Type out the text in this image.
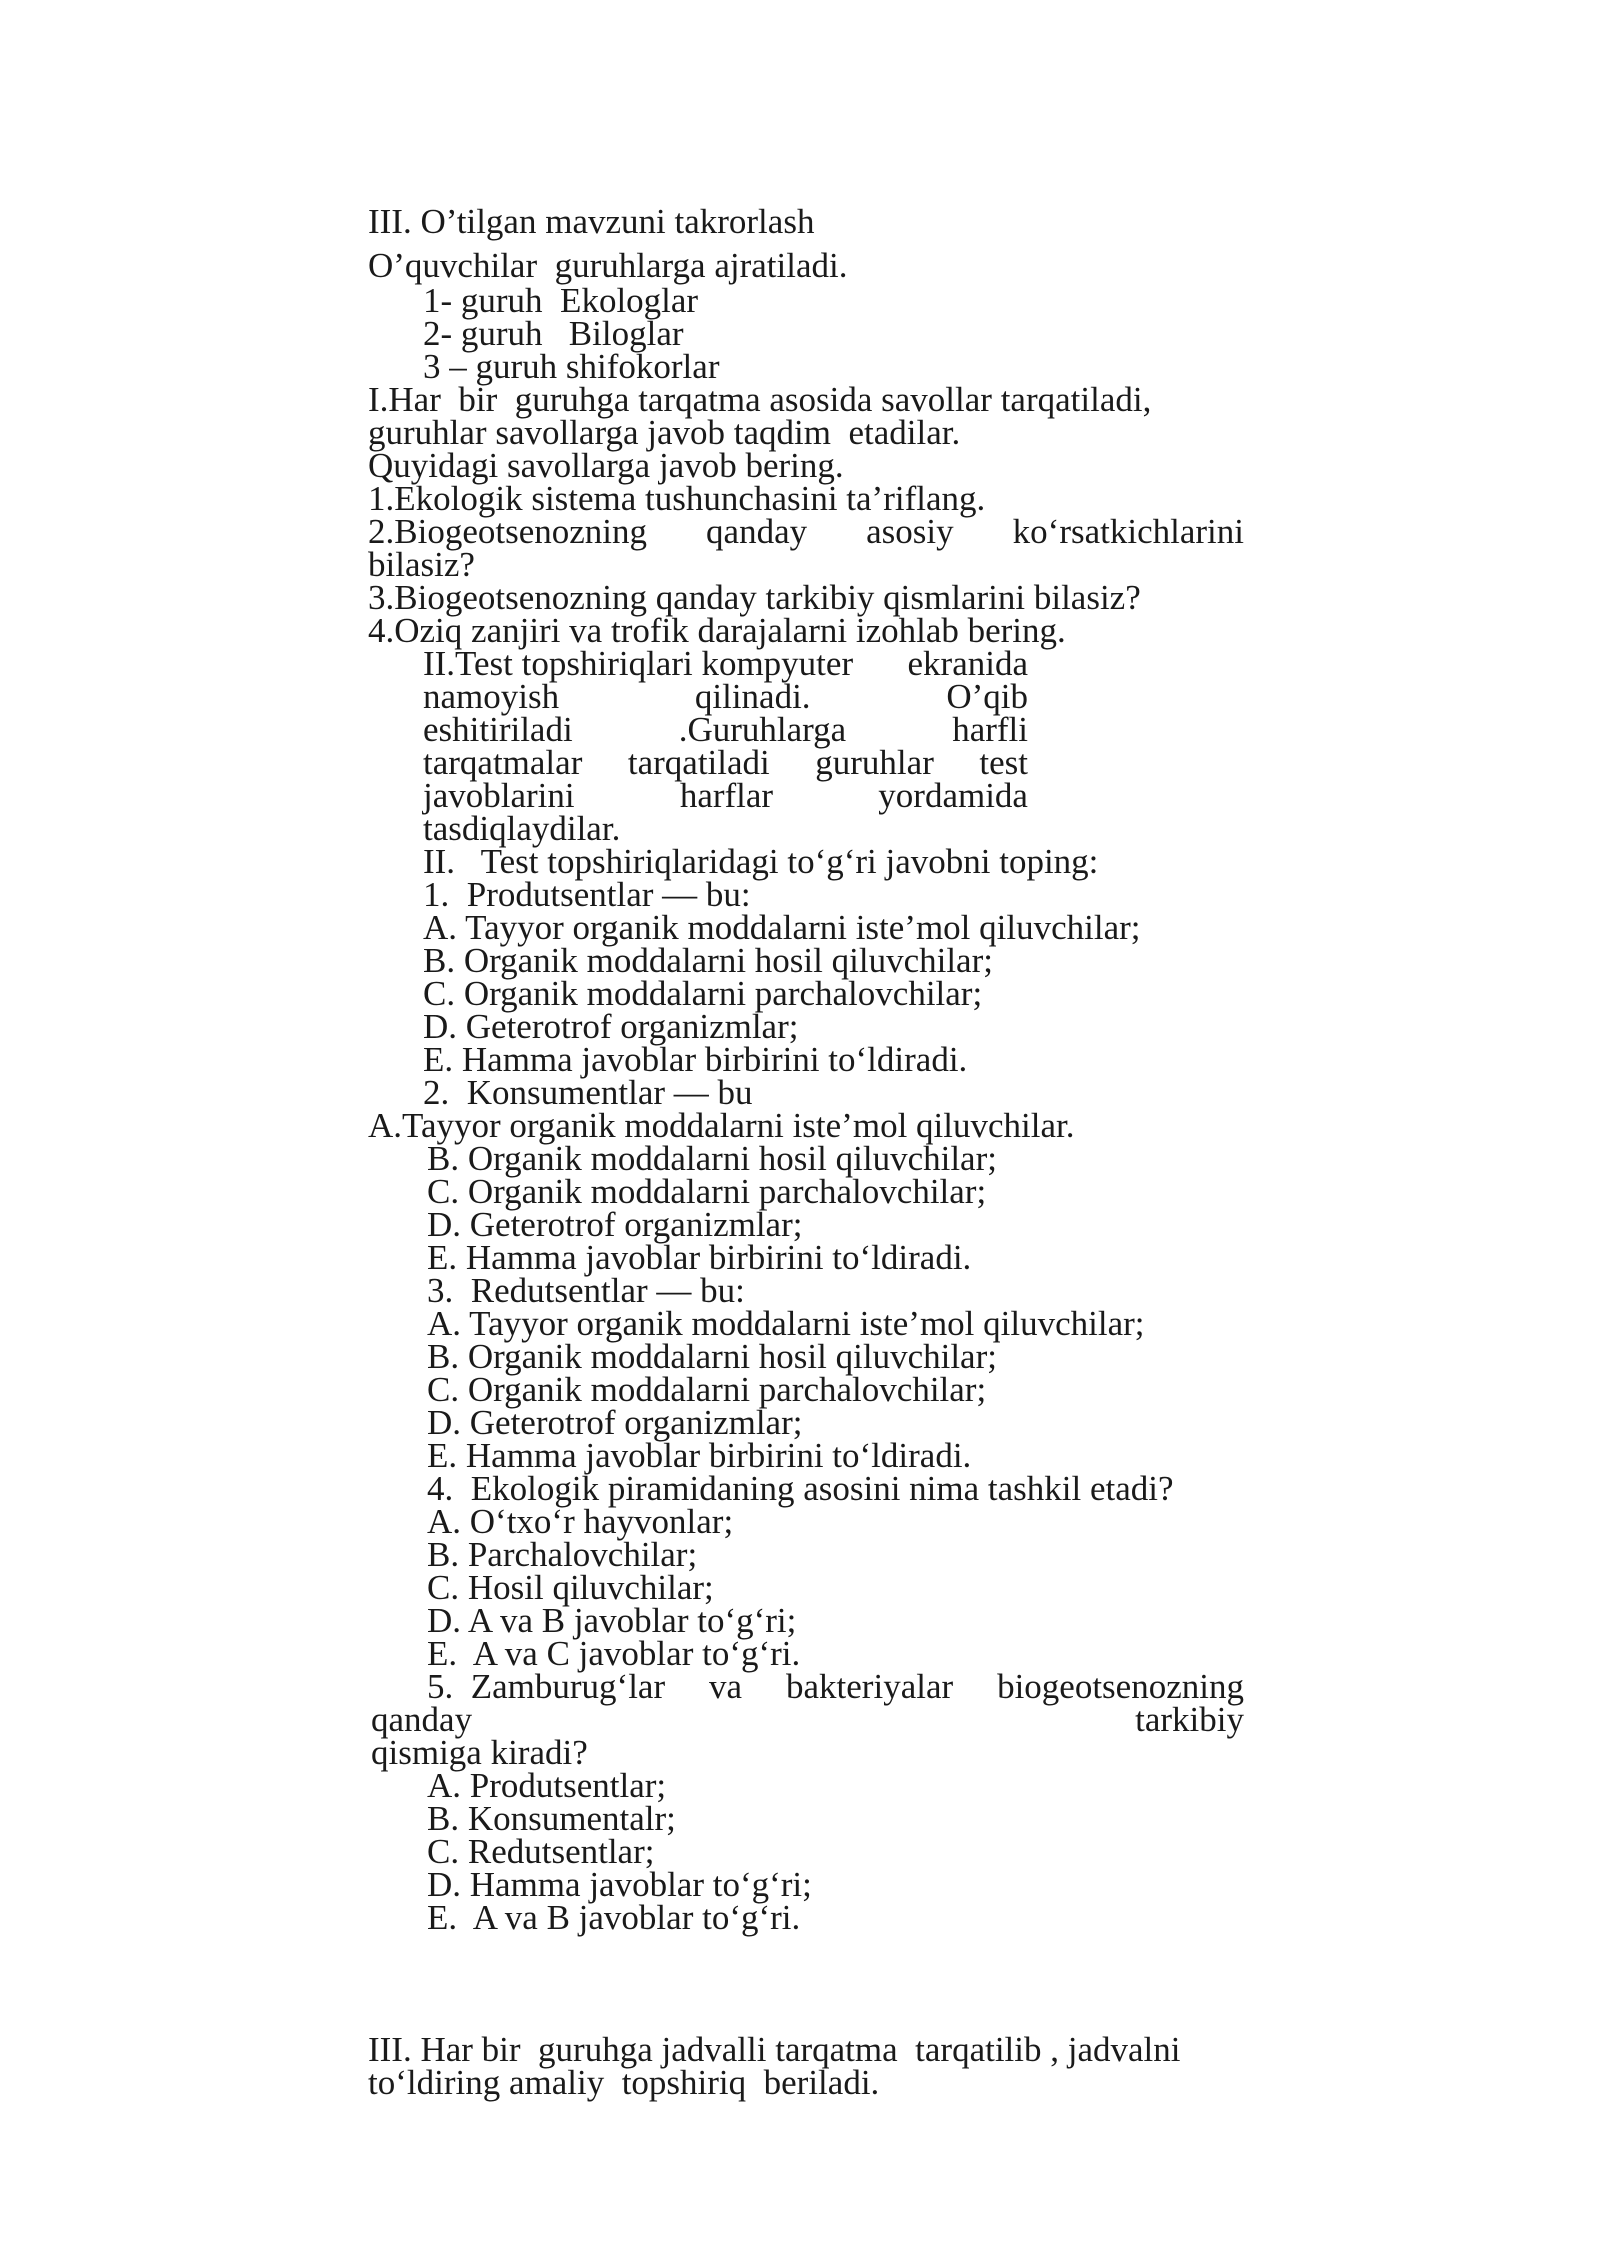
III. O’tilgan mavzuni takrorlash
O’quvchilar  guruhlarga ajratiladi.
1- guruh  Ekologlar
2- guruh   Biloglar
3 – guruh shifokorlar
I.Har  bir  guruhga tarqatma asosida savollar tarqatiladi,
guruhlar savollarga javob taqdim  etadilar.
Quyidagi savollarga javob bering.
1.Ekologik sistema tushunchasini ta’riflang.
2.Biogeotsenozning qanday asosiy ko‘rsatkichlarini
bilasiz?
3.Biogeotsenozning qanday tarkibiy qismlarini bilasiz?
4.Oziq zanjiri va trofik darajalarni izohlab bering.
II.Test topshiriqlari kompyuter ekranida
namoyish	qilinadi.	O’qib
eshitiriladi	.Guruhlarga	harfli
tarqatmalar tarqatiladi guruhlar test
javoblarini	harflar	yordamida
tasdiqlaydilar.
II.   Test topshiriqlaridagi to‘g‘ri javobni toping:
1.  Produtsentlar — bu:
A. Tayyor organik moddalarni iste’mol qiluvchilar;
B. Organik moddalarni hosil qiluvchilar;
C. Organik moddalarni parchalovchilar;
D. Geterotrof organizmlar;
E. Hamma javoblar birbirini to‘ldiradi.
2.  Konsumentlar — bu
A.Tayyor organik moddalarni iste’mol qiluvchilar.
B. Organik moddalarni hosil qiluvchilar;
C. Organik moddalarni parchalovchilar;
D. Geterotrof organizmlar;
E. Hamma javoblar birbirini to‘ldiradi.
3.  Redutsentlar — bu:
A. Tayyor organik moddalarni iste’mol qiluvchilar;
B. Organik moddalarni hosil qiluvchilar;
C. Organik moddalarni parchalovchilar;
D. Geterotrof organizmlar;
E. Hamma javoblar birbirini to‘ldiradi.
4.  Ekologik piramidaning asosini nima tashkil etadi?
A. O‘txo‘r hayvonlar;
B. Parchalovchilar;
C. Hosil qiluvchilar;
D. A va B javoblar to‘g‘ri;
E.  A va C javoblar to‘g‘ri.
5.  Zamburug‘lar va bakteriyalar biogeotsenozning
qanday	tarkibiy
qismiga kiradi?
A. Produtsentlar;
B. Konsumentalr;
C. Redutsentlar;
D. Hamma javoblar to‘g‘ri;
E.  A va B javoblar to‘g‘ri.
III. Har bir  guruhga jadvalli tarqatma  tarqatilib , jadvalni
to‘ldiring amaliy  topshiriq  beriladi.
